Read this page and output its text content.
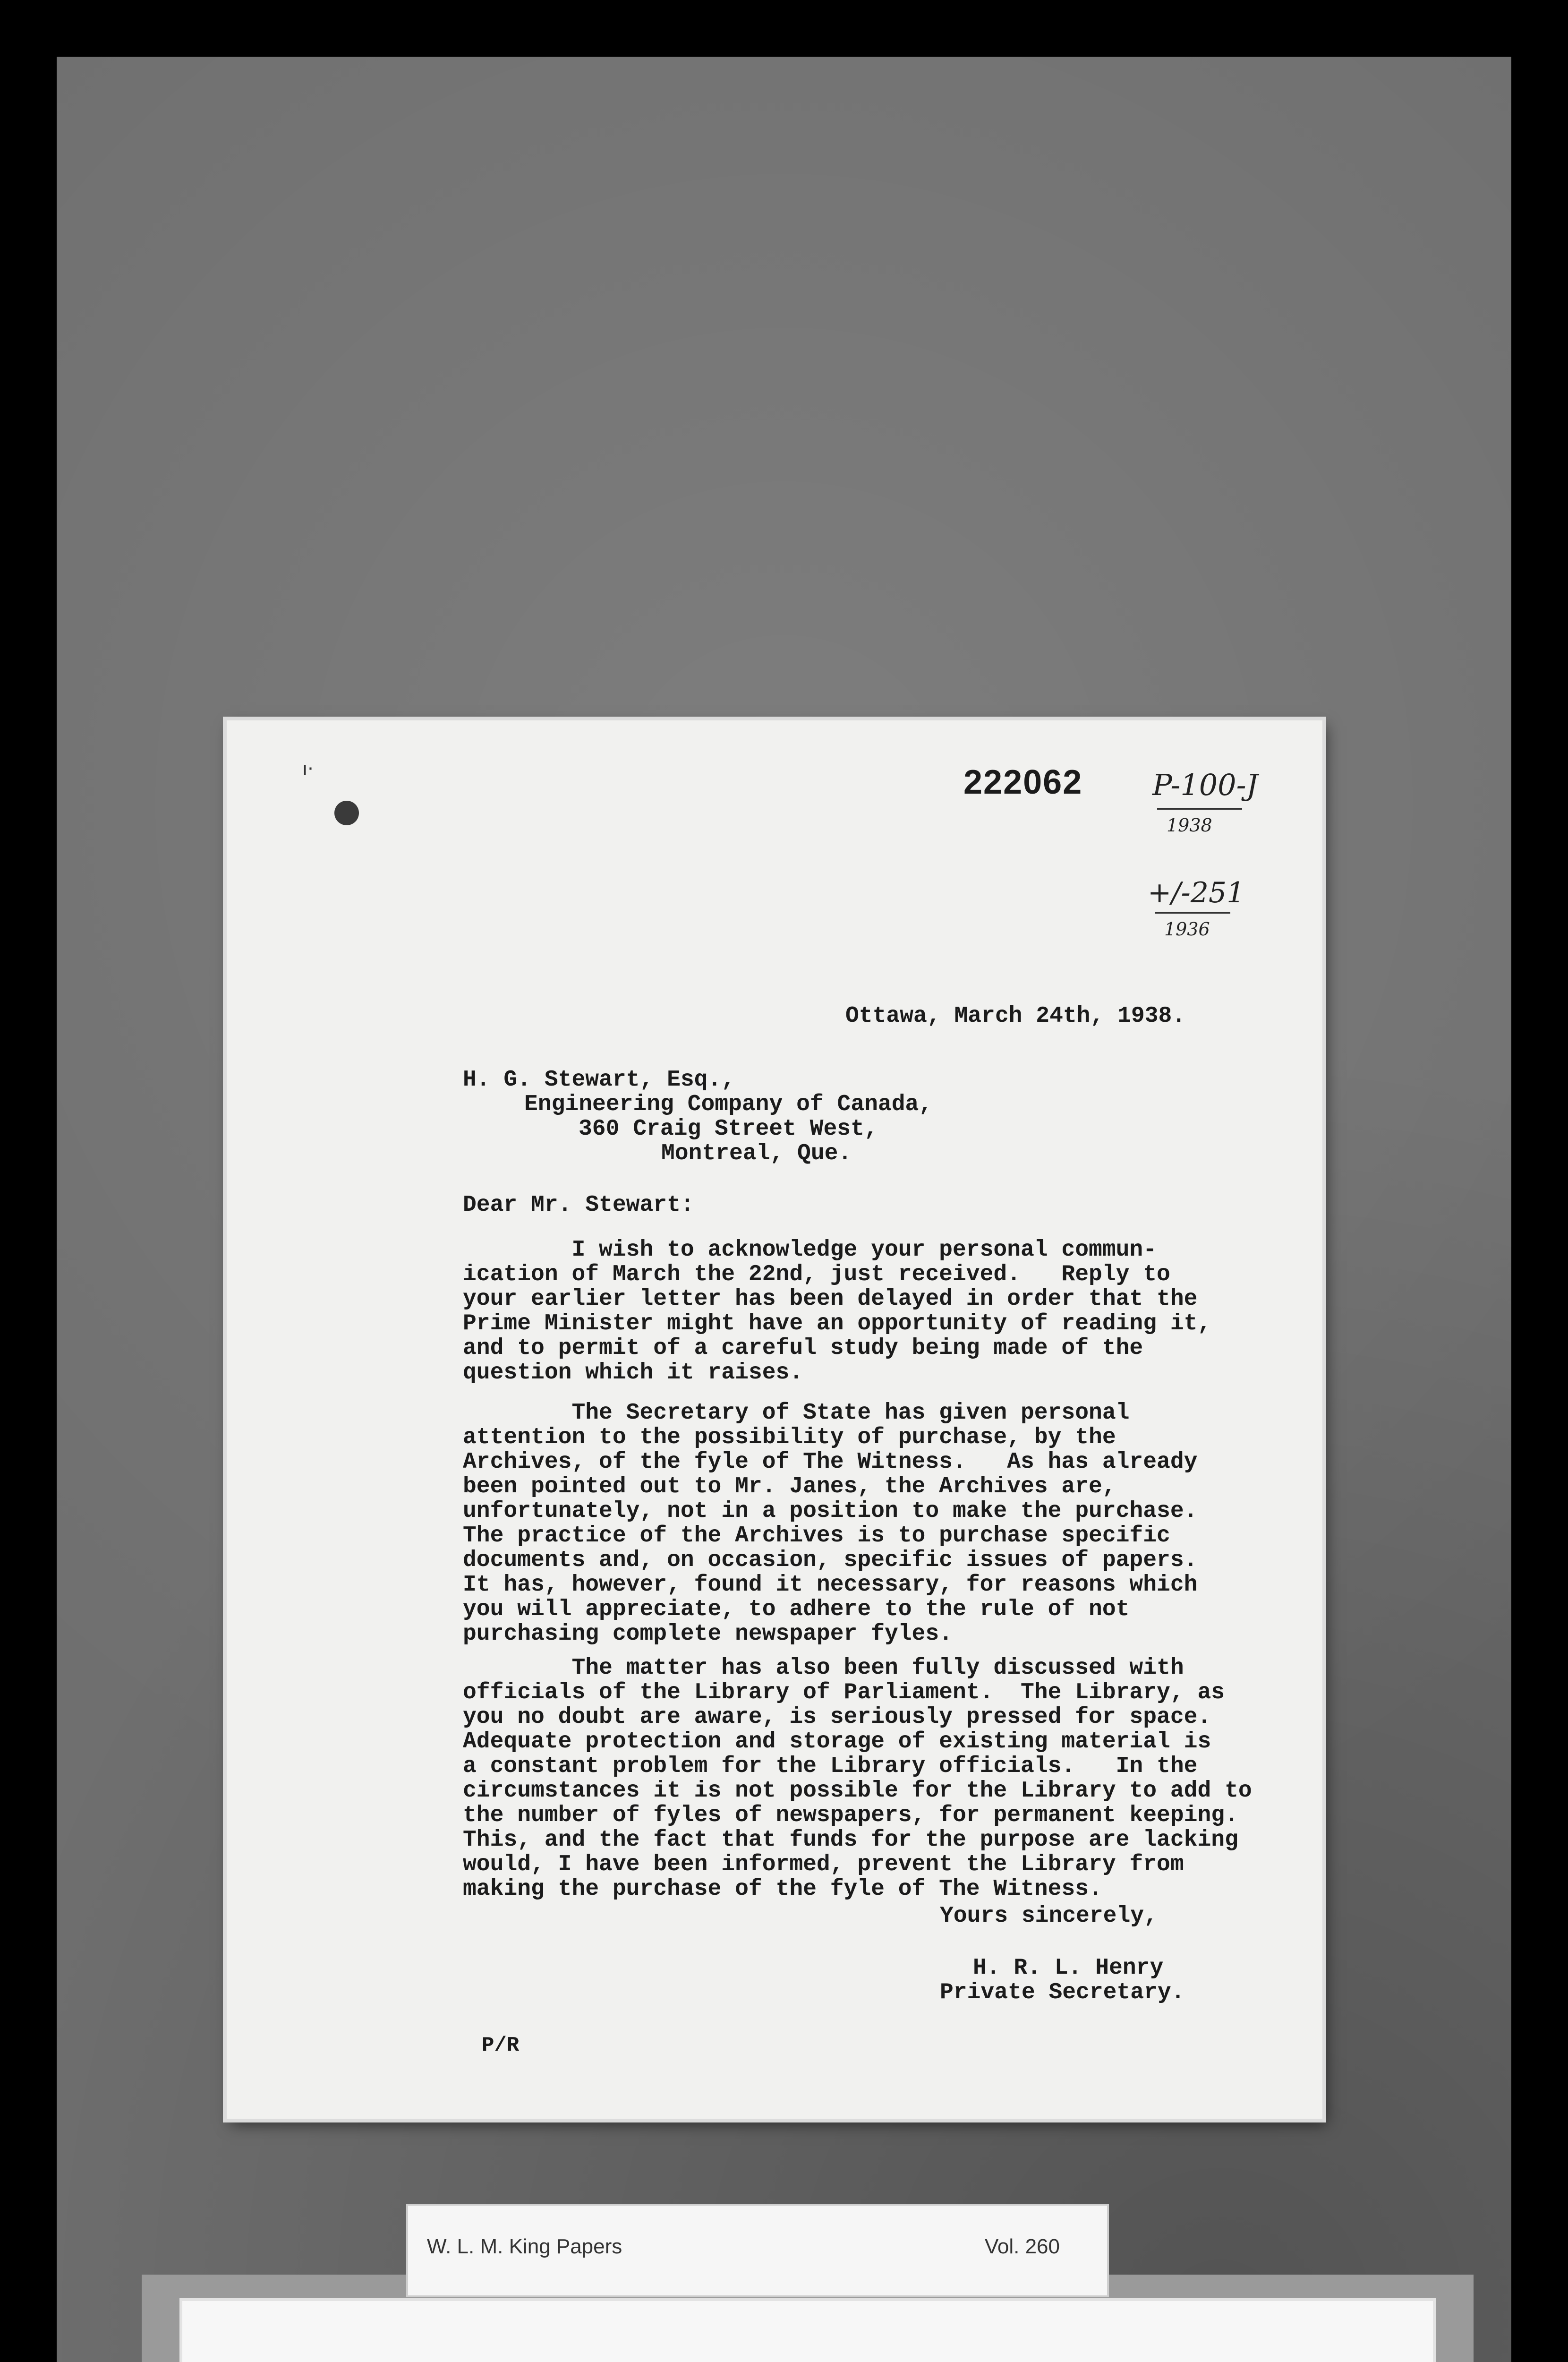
ı·	222062 P-100-J
1938
+/-251
1936
Ottawa, March 24th, 1938.
H. G. Stewart, Esq.,
Engineering Company of Canada,
360 Craig Street West,
Montreal, Que.
Dear Mr. Stewart:
I wish to acknowledge your personal commun-
ication of March the 22nd, just received.   Reply to
your earlier letter has been delayed in order that the
Prime Minister might have an opportunity of reading it,
and to permit of a careful study being made of the
question which it raises.
The Secretary of State has given personal
attention to the possibility of purchase, by the
Archives, of the fyle of The Witness.   As has already
been pointed out to Mr. Janes, the Archives are,
unfortunately, not in a position to make the purchase.
The practice of the Archives is to purchase specific
documents and, on occasion, specific issues of papers.
It has, however, found it necessary, for reasons which
you will appreciate, to adhere to the rule of not
purchasing complete newspaper fyles.
The matter has also been fully discussed with
officials of the Library of Parliament.  The Library, as
you no doubt are aware, is seriously pressed for space.
Adequate protection and storage of existing material is
a constant problem for the Library officials.   In the
circumstances it is not possible for the Library to add to
the number of fyles of newspapers, for permanent keeping.
This, and the fact that funds for the purpose are lacking
would, I have been informed, prevent the Library from
making the purchase of the fyle of The Witness.
Yours sincerely,
H. R. L. Henry
Private Secretary.
P/R
W. L. M. King Papers	Vol. 260
